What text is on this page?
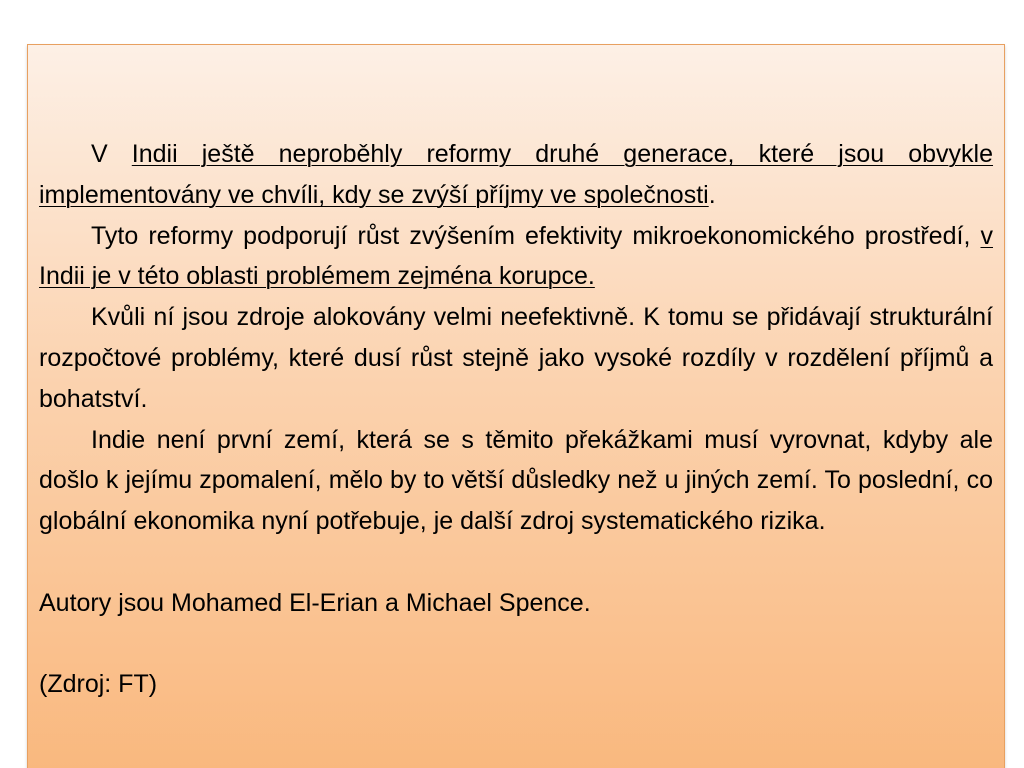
V Indii ještě neproběhly reformy druhé generace, které jsou obvykle implementovány ve chvíli, kdy se zvýší příjmy ve společnosti.

Tyto reformy podporují růst zvýšením efektivity mikroekonomického prostředí, v Indii je v této oblasti problémem zejména korupce.

Kvůli ní jsou zdroje alokovány velmi neefektivně. K tomu se přidávají strukturální rozpočtové problémy, které dusí růst stejně jako vysoké rozdíly v rozdělení příjmů a bohatství.

Indie není první zemí, která se s těmito překážkami musí vyrovnat, kdyby ale došlo k jejímu zpomalení, mělo by to větší důsledky než u jiných zemí. To poslední, co globální ekonomika nyní potřebuje, je další zdroj systematického rizika.

Autory jsou Mohamed El-Erian a Michael Spence.

(Zdroj: FT)
